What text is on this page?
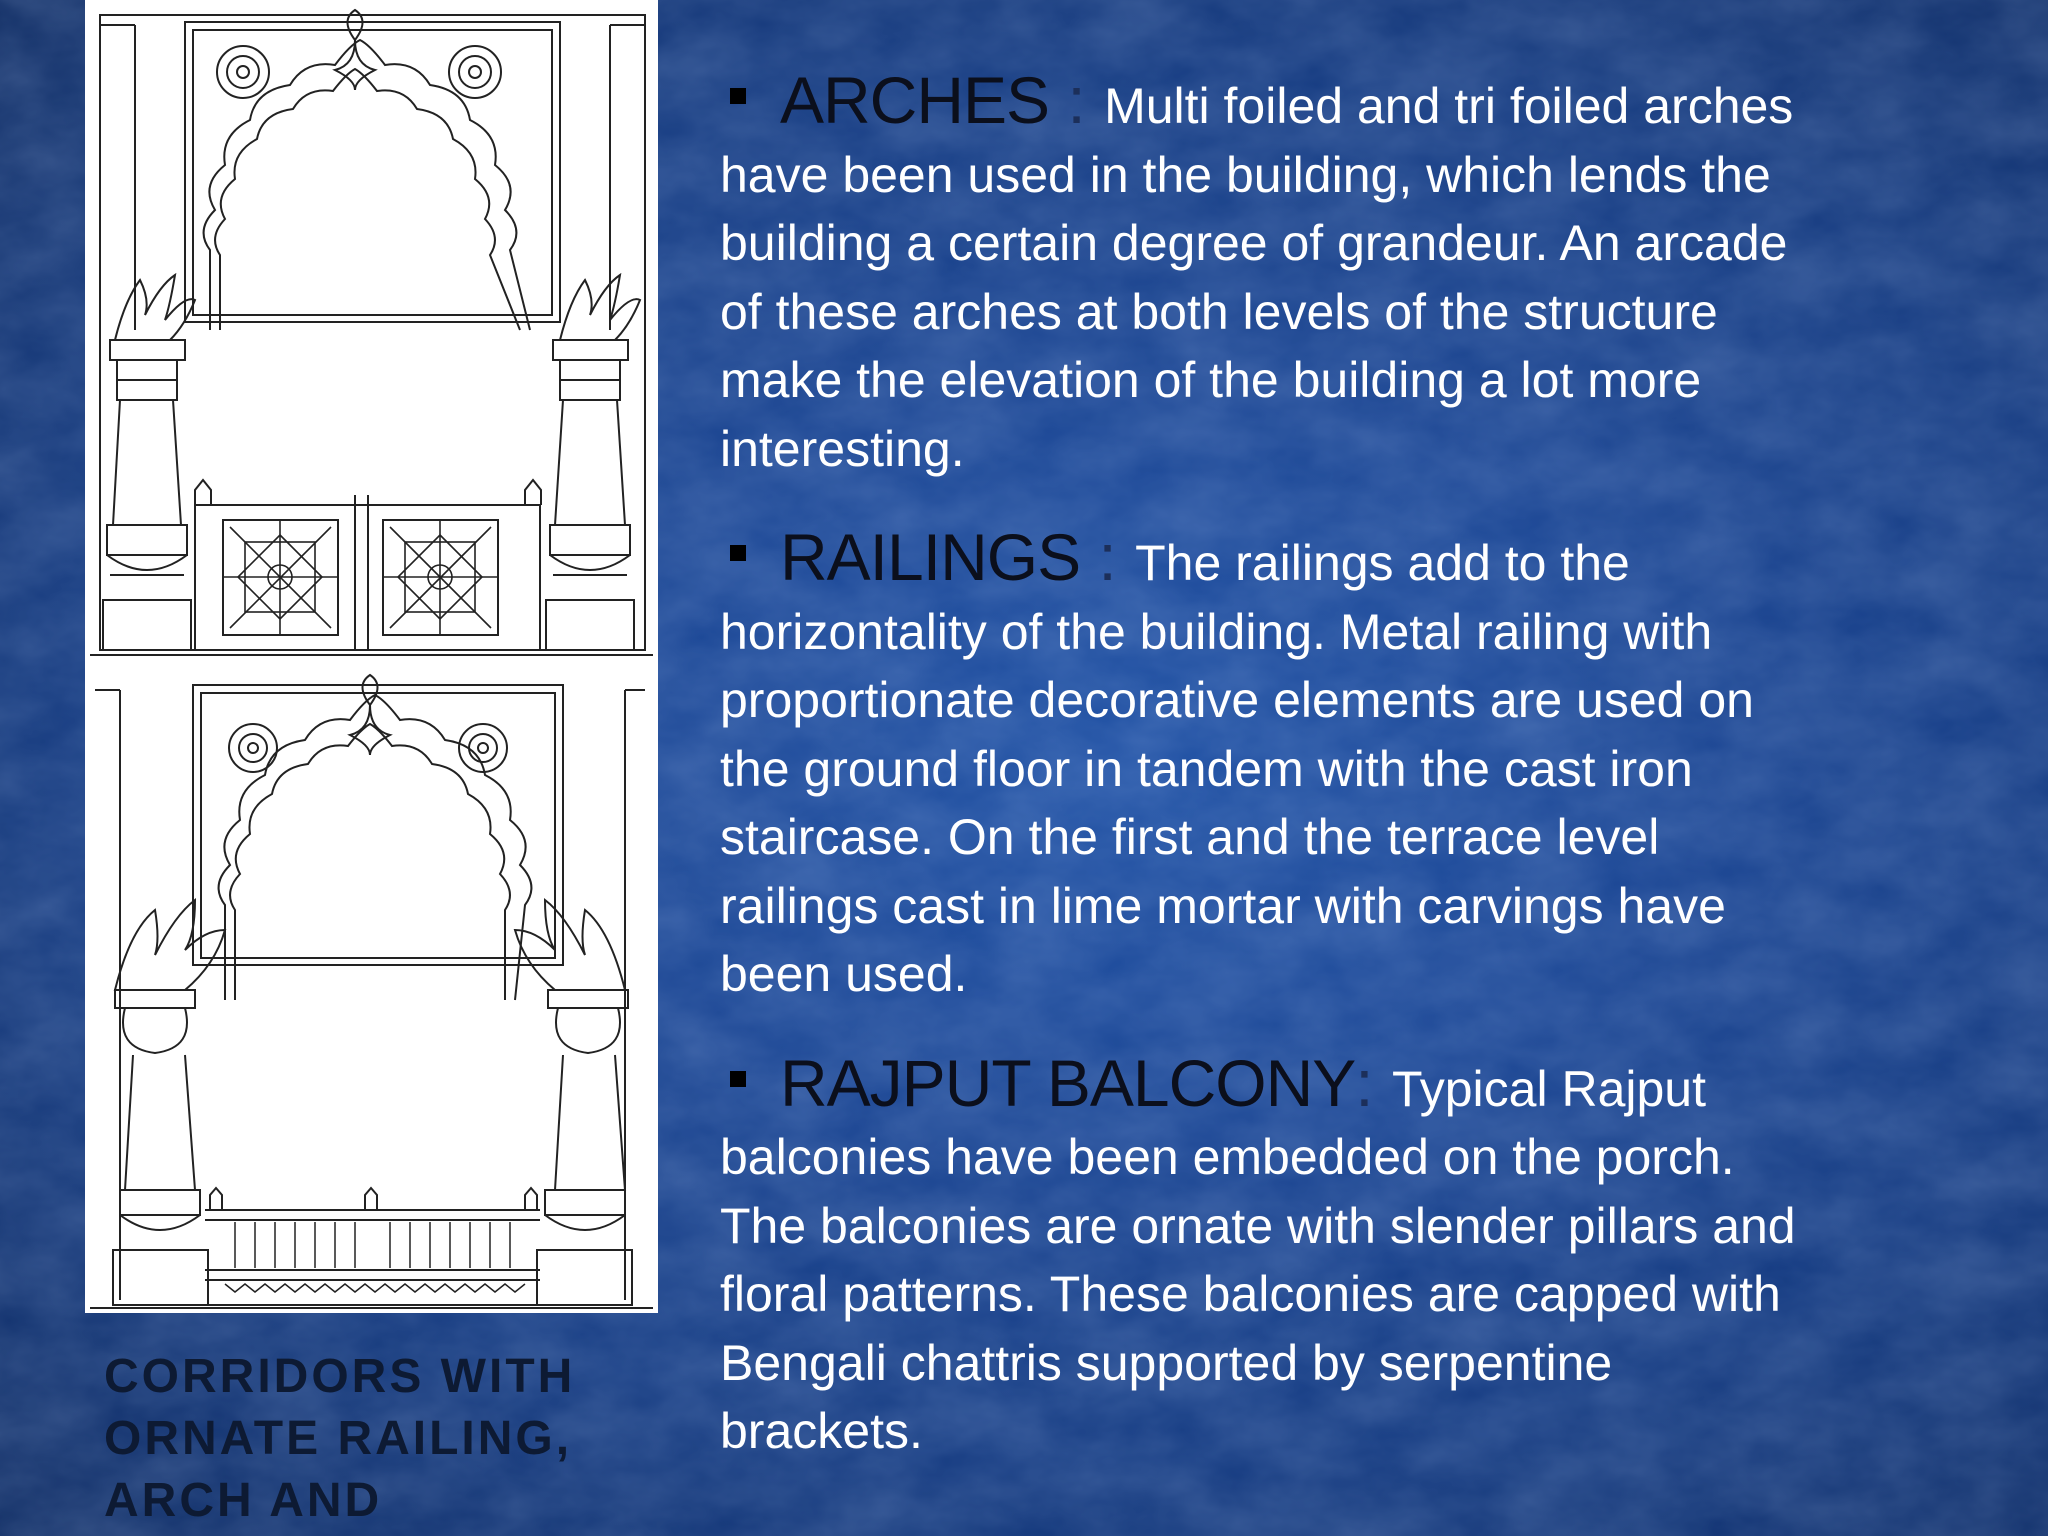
CORRIDORS WITH
ORNATE RAILING,
ARCH AND

ARCHES : Multi foiled and tri foiled arches
have been used in the building, which lends the
building a certain degree of grandeur. An arcade
of these arches at both levels of the structure
make the elevation of the building a lot more
interesting.
RAILINGS : The railings add to the
horizontality of the building. Metal railing with
proportionate decorative elements are used on
the ground floor in tandem with the cast iron
staircase. On the first and the terrace level
railings cast in lime mortar with carvings have
been used.
RAJPUT BALCONY: Typical Rajput
balconies have been embedded on the porch.
The balconies are ornate with slender pillars and
floral patterns. These balconies are capped with
Bengali chattris supported by serpentine
brackets.
